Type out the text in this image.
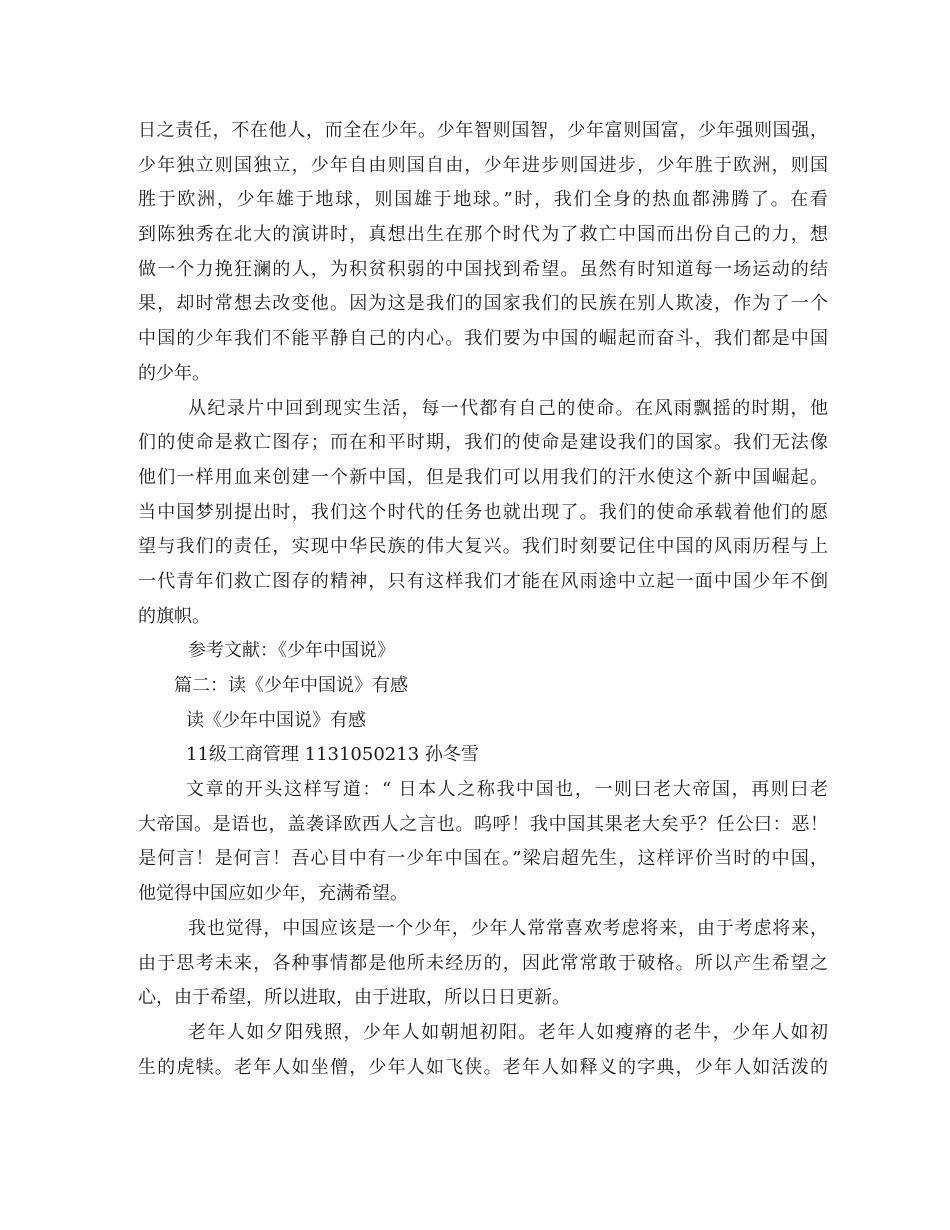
日之责任，不在他人，而全在少年。少年智则国智，少年富则国富，少年强则国强，
少年独立则国独立，少年自由则国自由，少年进步则国进步，少年胜于欧洲，则国
胜于欧洲，少年雄于地球，则国雄于地球。”时，我们全身的热血都沸腾了。在看
到陈独秀在北大的演讲时，真想出生在那个时代为了救亡中国而出份自己的力，想
做一个力挽狂澜的人，为积贫积弱的中国找到希望。虽然有时知道每一场运动的结
果，却时常想去改变他。因为这是我们的国家我们的民族在别人欺凌，作为了一个
中国的少年我们不能平静自己的内心。我们要为中国的崛起而奋斗，我们都是中国
的少年。
从纪录片中回到现实生活，每一代都有自己的使命。在风雨飘摇的时期，他
们的使命是救亡图存；而在和平时期，我们的使命是建设我们的国家。我们无法像
他们一样用血来创建一个新中国，但是我们可以用我们的汗水使这个新中国崛起。
当中国梦别提出时，我们这个时代的任务也就出现了。我们的使命承载着他们的愿
望与我们的责任，实现中华民族的伟大复兴。我们时刻要记住中国的风雨历程与上
一代青年们救亡图存的精神，只有这样我们才能在风雨途中立起一面中国少年不倒
的旗帜。
参考文献：《少年中国说》
篇二：读《少年中国说》有感
读《少年中国说》有感
11级工商管理 1131050213 孙冬雪
文章的开头这样写道：“ 日本人之称我中国也，一则曰老大帝国，再则曰老
大帝国。是语也，盖袭译欧西人之言也。呜呼！我中国其果老大矣乎？任公曰：恶！
是何言！是何言！吾心目中有一少年中国在。”梁启超先生，这样评价当时的中国，
他觉得中国应如少年，充满希望。
我也觉得，中国应该是一个少年，少年人常常喜欢考虑将来，由于考虑将来，
由于思考未来，各种事情都是他所未经历的，因此常常敢于破格。所以产生希望之
心，由于希望，所以进取，由于进取，所以日日更新。
老年人如夕阳残照，少年人如朝旭初阳。老年人如瘦瘠的老牛，少年人如初
生的虎犊。老年人如坐僧，少年人如飞侠。老年人如释义的字典，少年人如活泼的
